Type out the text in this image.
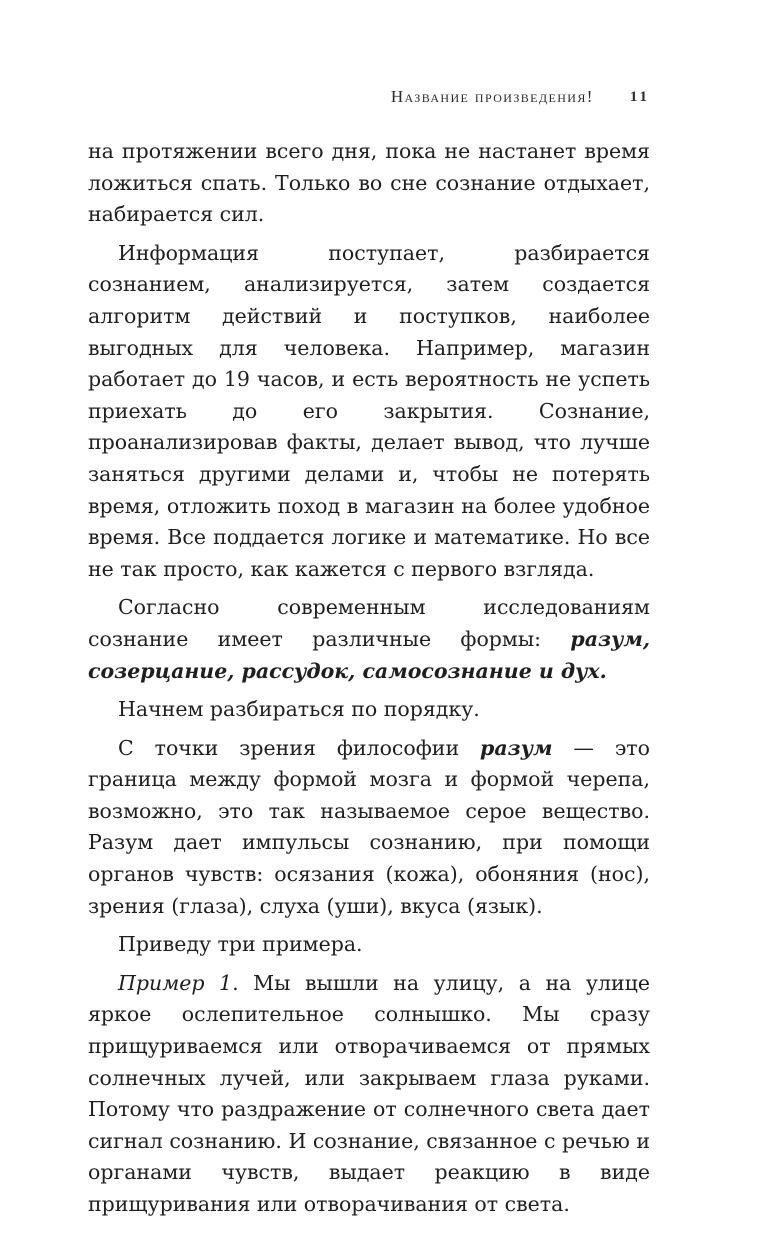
Название произведения! 11

на протяжении всего дня, пока не настанет время ложиться спать. Только во сне сознание отдыхает, набирается сил.

Информация поступает, разбирается сознанием, анализируется, затем создается алгоритм действий и поступков, наиболее выгодных для человека. Например, магазин работает до 19 часов, и есть вероятность не успеть приехать до его закрытия. Сознание, проанализировав факты, делает вывод, что лучше заняться другими делами и, чтобы не потерять время, отложить поход в магазин на более удобное время. Все поддается логике и математике. Но все не так просто, как кажется с первого взгляда.

Согласно современным исследованиям сознание имеет различные формы: разум, созерцание, рассудок, самосознание и дух.

Начнем разбираться по порядку.

С точки зрения философии разум — это граница между формой мозга и формой черепа, возможно, это так называемое серое вещество. Разум дает импульсы сознанию, при помощи органов чувств: осязания (кожа), обоняния (нос), зрения (глаза), слуха (уши), вкуса (язык).

Приведу три примера.

Пример 1. Мы вышли на улицу, а на улице яркое ослепительное солнышко. Мы сразу прищуриваемся или отворачиваемся от прямых солнечных лучей, или закрываем глаза руками. Потому что раздражение от солнечного света дает сигнал сознанию. И сознание, связанное с речью и органами чувств, выдает реакцию в виде прищуривания или отворачивания от света.
